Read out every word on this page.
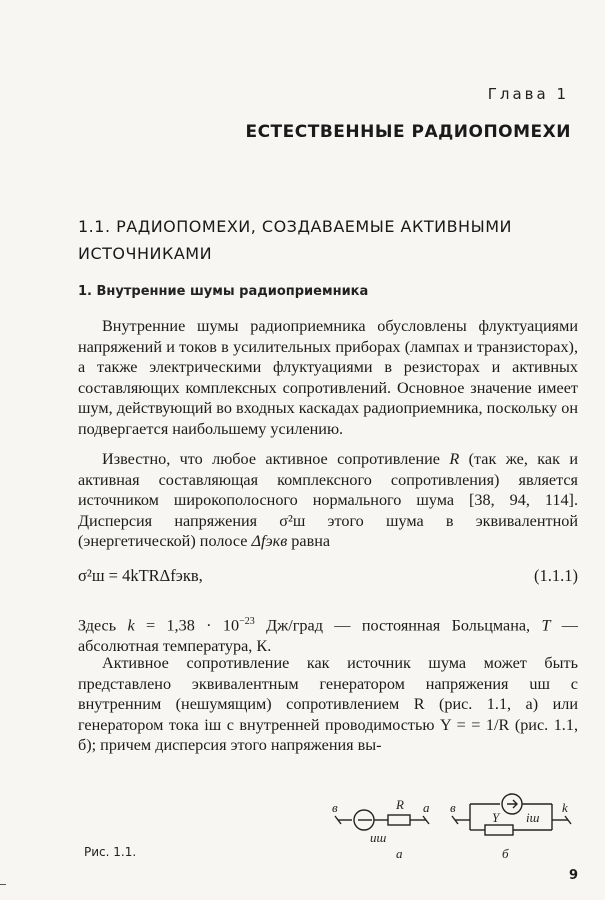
Глава 1
ЕСТЕСТВЕННЫЕ РАДИОПОМЕХИ
1.1. РАДИОПОМЕХИ, СОЗДАВАЕМЫЕ АКТИВНЫМИ ИСТОЧНИКАМИ
1. Внутренние шумы радиоприемника

Внутренние шумы радиоприемника обусловлены флуктуациями напряжений и токов в усилительных приборах (лампах и транзисторах), а также электрическими флуктуациями в резисторах и активных составляющих комплексных сопротивлений. Основное значение имеет шум, действующий во входных каскадах радиоприемника, поскольку он подвергается наибольшему усилению.

Известно, что любое активное сопротивление R (так же, как и активная составляющая комплексного сопротивления) является источником широкополосного нормального шума [38, 94, 114]. Дисперсия напряжения σ²ш этого шума в эквивалентной (энергетической) полосе Δfэкв равна

σ²ш = 4kTRΔfэкв,	(1.1.1)

Здесь $k = 1,38 \cdot 10^{-23}$ Дж/град — постоянная Больцмана, T — абсолютная температура, К.

Активное сопротивление как источник шума может быть представлено эквивалентным генератором напряжения uш с внутренним (нешумящим) сопротивлением R (рис. 1.1, а) или генератором тока iш с внутренней проводимостью Y = = 1/R (рис. 1.1, б); причем дисперсия этого напряжения вы-

в	R а
uш
а
в
Y iш
k
б
Рис. 1.1.
9
